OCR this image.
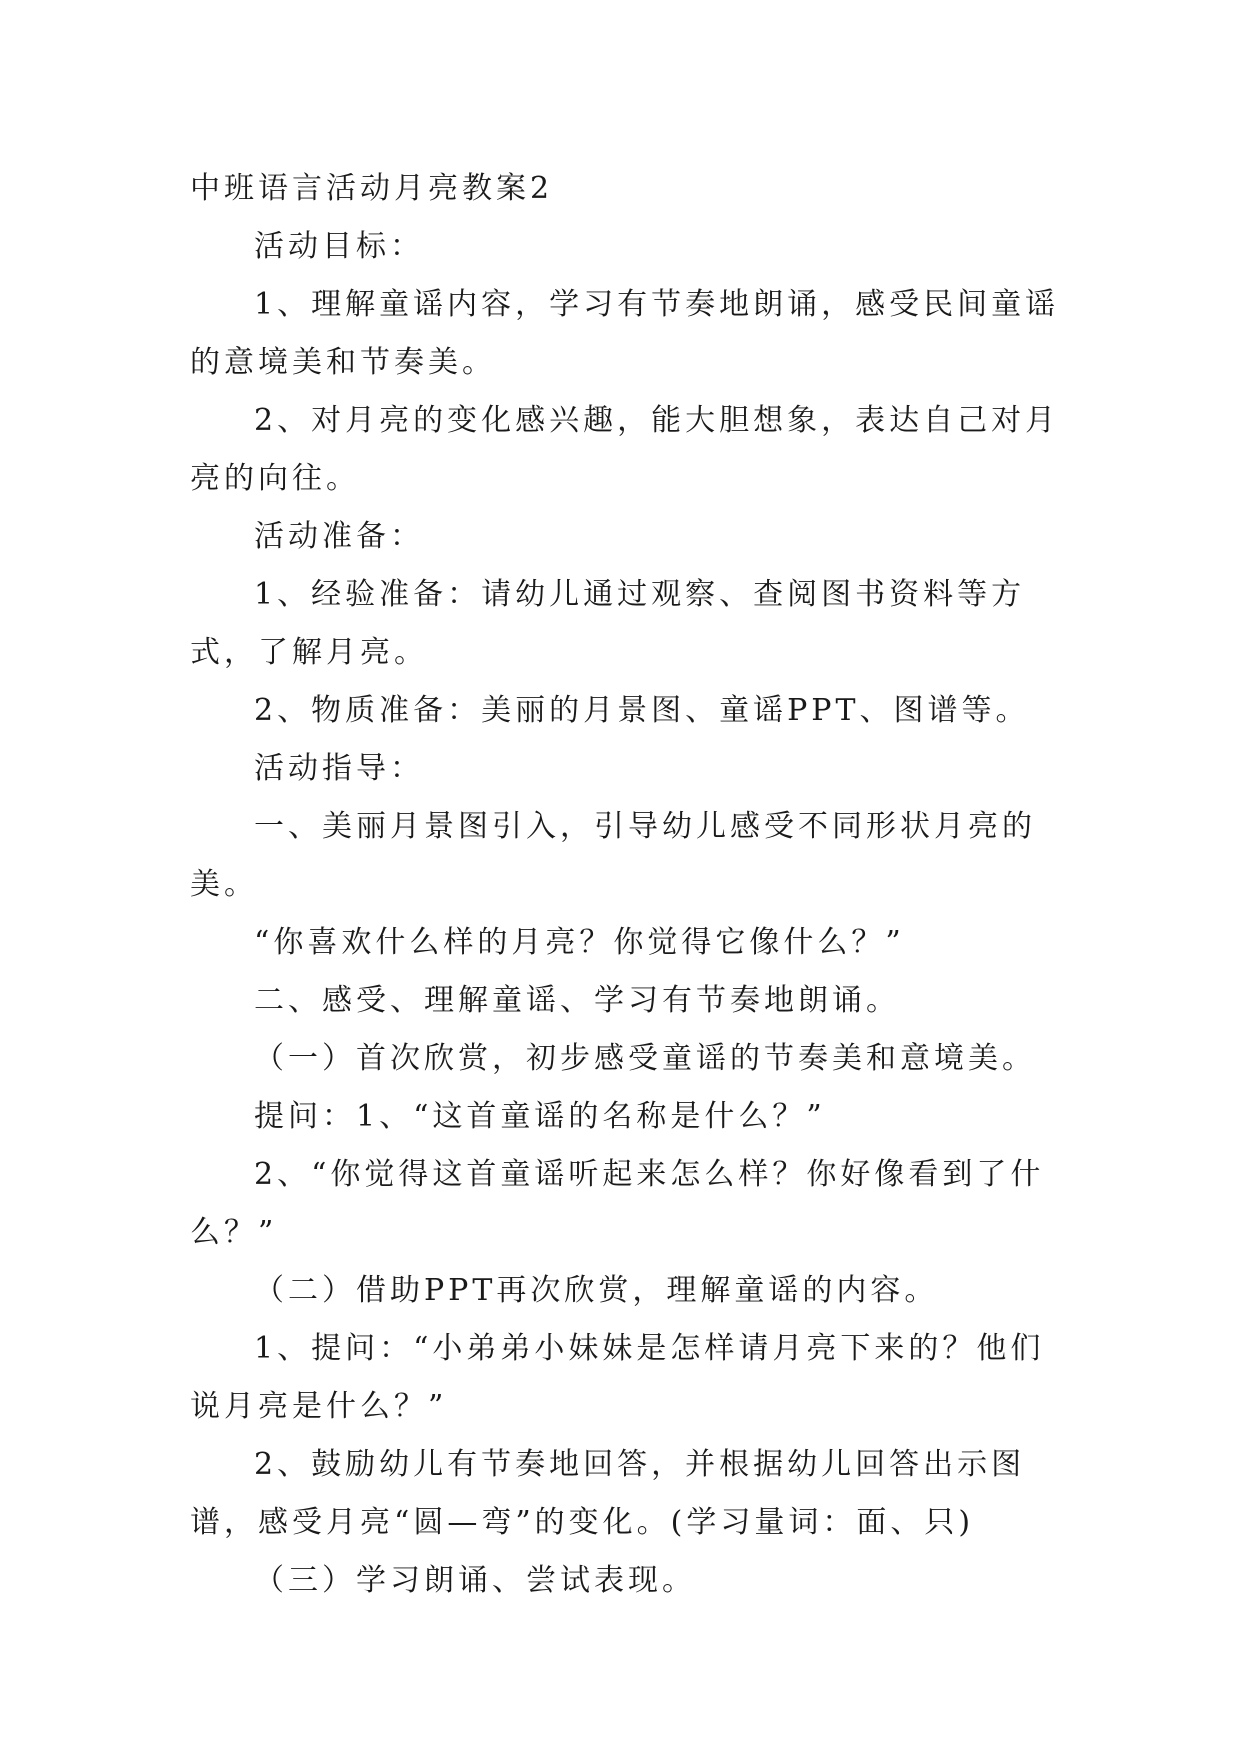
中班语言活动月亮教案2

活动目标：

1、理解童谣内容，学习有节奏地朗诵，感受民间童谣的意境美和节奏美。

2、对月亮的变化感兴趣，能大胆想象，表达自己对月亮的向往。

活动准备：

1、经验准备：请幼儿通过观察、查阅图书资料等方式，了解月亮。

2、物质准备：美丽的月景图、童谣PPT、图谱等。

活动指导：

一、美丽月景图引入，引导幼儿感受不同形状月亮的美。

“你喜欢什么样的月亮？你觉得它像什么？”

二、感受、理解童谣、学习有节奏地朗诵。

（一）首次欣赏，初步感受童谣的节奏美和意境美。

提问：1、“这首童谣的名称是什么？”

2、“你觉得这首童谣听起来怎么样？你好像看到了什么？”

（二）借助PPT再次欣赏，理解童谣的内容。

1、提问：“小弟弟小妹妹是怎样请月亮下来的？他们说月亮是什么？”

2、鼓励幼儿有节奏地回答，并根据幼儿回答出示图谱，感受月亮“圆—弯”的变化。(学习量词：面、只)

（三）学习朗诵、尝试表现。
